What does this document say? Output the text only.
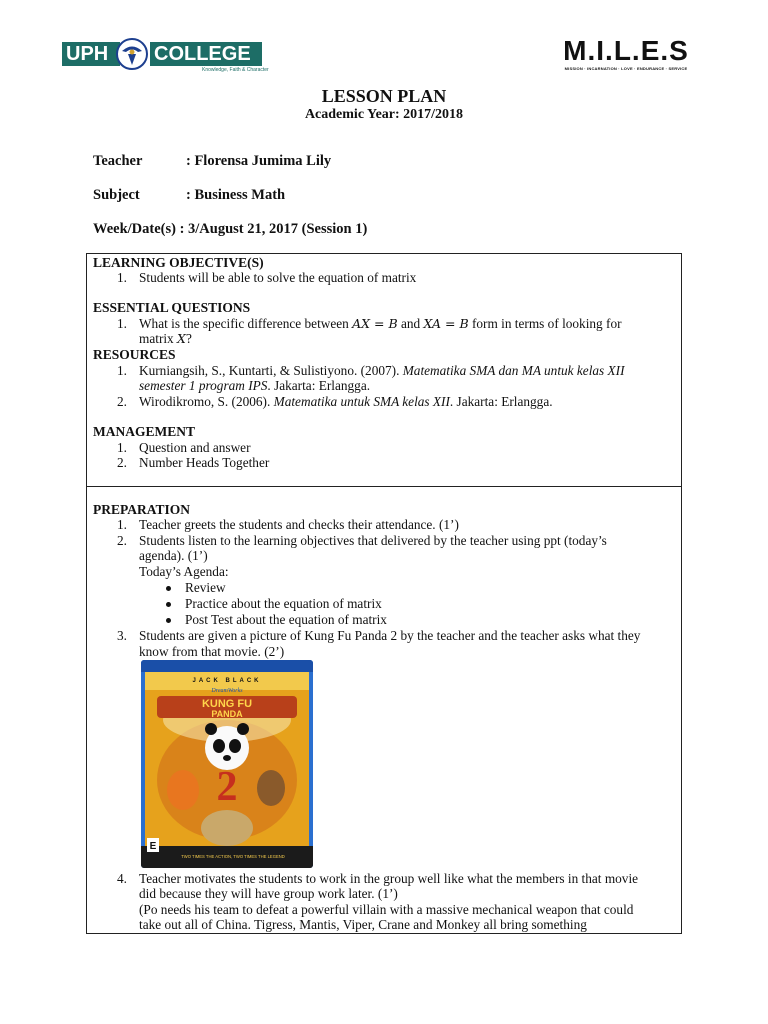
UPH	COLLEGE
Knowledge, Faith & Character
M.I.L.E.S
MISSION · INCARNATION · LOVE · ENDURANCE · SERVICE
LESSON PLAN
Academic Year: 2017/2018
Teacher	: Florensa Jumima Lily
Subject	: Business Math
Week/Date(s) : 3/August 21, 2017 (Session 1)
LEARNING OBJECTIVE(S)
1. Students will be able to solve the equation of matrix
ESSENTIAL QUESTIONS
1. What is the specific difference between AX = B and XA = B form in terms of looking for
matrix X?
RESOURCES
1. Kurniangsih, S., Kuntarti, & Sulistiyono. (2007). Matematika SMA dan MA untuk kelas XII
semester 1 program IPS. Jakarta: Erlangga.
2. Wirodikromo, S. (2006). Matematika untuk SMA kelas XII. Jakarta: Erlangga.
MANAGEMENT
1. Question and answer
2. Number Heads Together
PREPARATION
1. Teacher greets the students and checks their attendance. (1’)
2. Students listen to the learning objectives that delivered by the teacher using ppt (today’s
agenda). (1’)
Today’s Agenda:
Review
Practice about the equation of matrix
Post Test about the equation of matrix
3. Students are given a picture of Kung Fu Panda 2 by the teacher and the teacher asks what they
know from that movie. (2’)
2
E
TWO TIMES THE ACTION, TWO TIMES THE LEGEND
JACK BLACK
DreamWorks
KUNG FU
PANDA
4. Teacher motivates the students to work in the group well like what the members in that movie
did because they will have group work later. (1’)
(Po needs his team to defeat a powerful villain with a massive mechanical weapon that could
take out all of China. Tigress, Mantis, Viper, Crane and Monkey all bring something
